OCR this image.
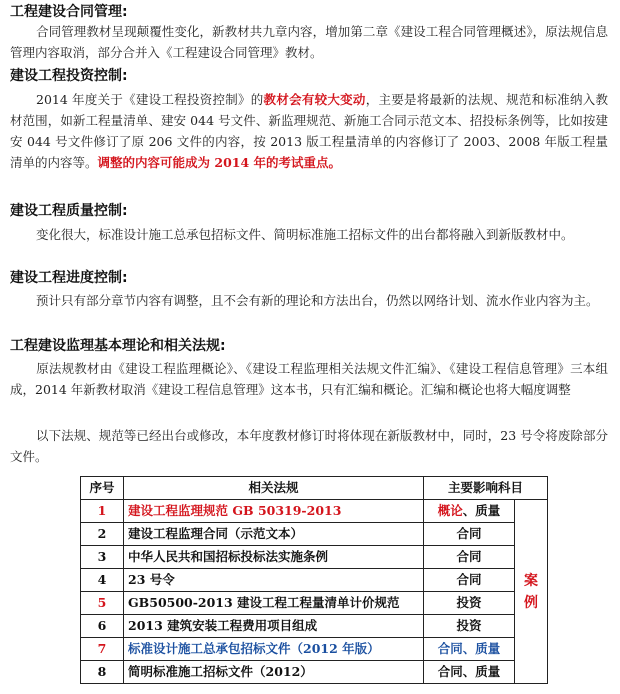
工程建设合同管理:
合同管理教材呈现颠覆性变化，新教材共九章内容，增加第二章《建设工程合同管理概述》，原法规信息管理内容取消，部分合并入《工程建设合同管理》教材。
建设工程投资控制:
2014 年度关于《建设工程投资控制》的教材会有较大变动，主要是将最新的法规、规范和标准纳入教材范围，如新工程量清单、建安 044 号文件、新监理规范、新施工合同示范文本、招投标条例等，比如按建安 044 号文件修订了原 206 文件的内容，按 2013 版工程量清单的内容修订了 2003、2008 年版工程量清单的内容等。调整的内容可能成为 2014 年的考试重点。
建设工程质量控制:
变化很大，标准设计施工总承包招标文件、简明标准施工招标文件的出台都将融入到新版教材中。
建设工程进度控制:
预计只有部分章节内容有调整，且不会有新的理论和方法出台，仍然以网络计划、流水作业内容为主。
工程建设监理基本理论和相关法规:
原法规教材由《建设工程监理概论》、《建设工程监理相关法规文件汇编》、《建设工程信息管理》三本组成，2014 年新教材取消《建设工程信息管理》这本书，只有汇编和概论。汇编和概论也将大幅度调整
以下法规、规范等已经出台或修改，本年度教材修订时将体现在新版教材中，同时，23 号令将废除部分文件。
序号	相关法规	主要影响科目	
1	建设工程监理规范 GB 50319-2013	概论、质量	案例
2	建设工程监理合同（示范文本）	合同	
3	中华人民共和国招标投标法实施条例	合同	
4	23 号令	合同	
5	GB50500-2013 建设工程工程量清单计价规范	投资	
6	2013 建筑安装工程费用项目组成	投资	
7	标准设计施工总承包招标文件（2012 年版）	合同、质量	
8	简明标准施工招标文件（2012）	合同、质量	
